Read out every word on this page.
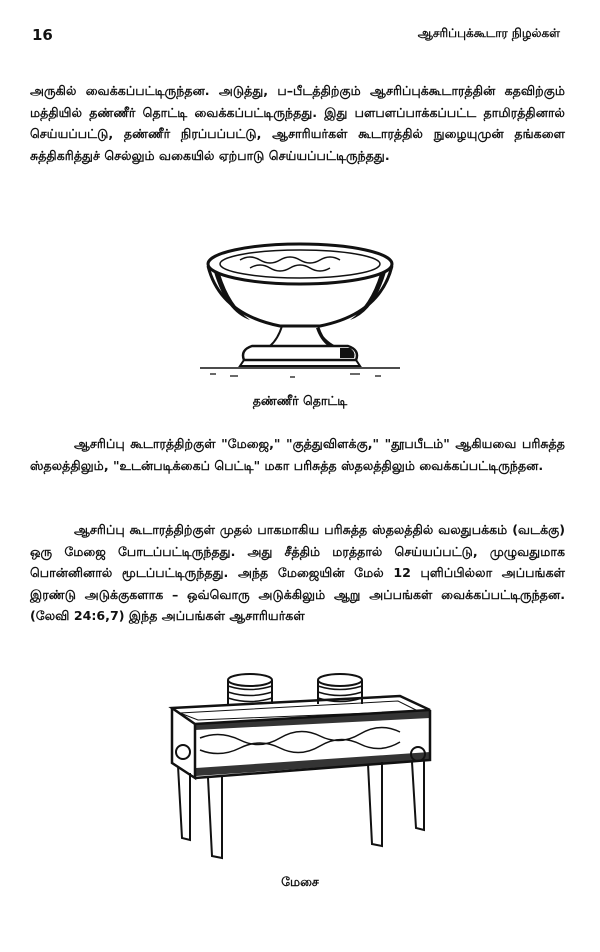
16	ஆசரிப்புக்கூடார நிழல்கள்

அருகில் வைக்கப்பட்டிருந்தன. அடுத்து, ப–பீடத்திற்கும் ஆசரிப்புக்கூடாரத்தின் கதவிற்கும் மத்தியில் தண்ணீர் தொட்டி வைக்கப்பட்டிருந்தது. இது பளபளப்பாக்கப்பட்ட தாமிரத்தினால் செய்யப்பட்டு, தண்ணீர் நிரப்பப்பட்டு, ஆசாரியர்கள் கூடாரத்தில் நுழையுமுன் தங்களை சுத்திகரித்துச் செல்லும் வகையில் ஏற்பாடு செய்யப்பட்டிருந்தது.

தண்ணீர் தொட்டி

ஆசரிப்பு கூடாரத்திற்குள் "மேஜை," "குத்துவிளக்கு," "தூபபீடம்" ஆகியவை பரிசுத்த ஸ்தலத்திலும், "உடன்படிக்கைப் பெட்டி" மகா பரிசுத்த ஸ்தலத்திலும் வைக்கப்பட்டிருந்தன.

ஆசரிப்பு கூடாரத்திற்குள் முதல் பாகமாகிய பரிசுத்த ஸ்தலத்தில் வலதுபக்கம் (வடக்கு) ஒரு மேஜை போடப்பட்டிருந்தது. அது சீத்திம் மரத்தால் செய்யப்பட்டு, முழுவதுமாக பொன்னினால் மூடப்பட்டிருந்தது. அந்த மேஜையின் மேல் 12 புளிப்பில்லா அப்பங்கள் இரண்டு அடுக்குகளாக – ஒவ்வொரு அடுக்கிலும் ஆறு அப்பங்கள் வைக்கப்பட்டிருந்தன. (லேவி 24:6,7) இந்த அப்பங்கள் ஆசாரியர்கள்

மேசை
